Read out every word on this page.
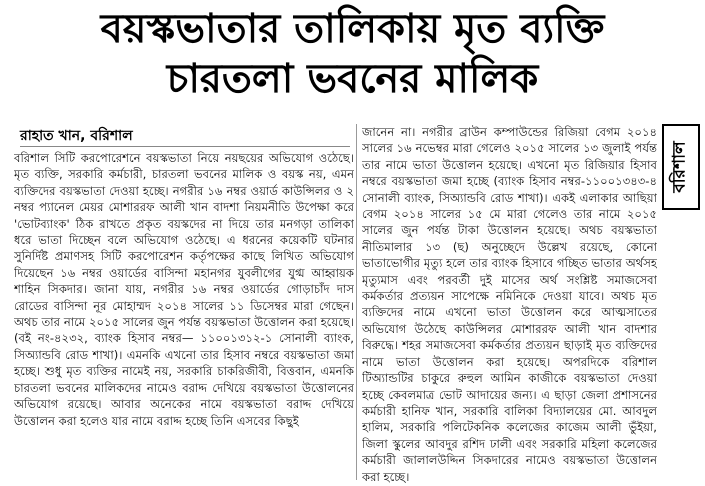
বয়স্কভাতার তালিকায় মৃত ব্যক্তি
চারতলা ভবনের মালিক
রাহাত খান, বরিশাল
বরিশাল সিটি করপোরেশনে বয়স্কভাতা নিয়ে নয়ছয়ের অভিযোগ ওঠেছে। মৃত ব্যক্তি, সরকারি কর্মচারী, চারতলা ভবনের মালিক ও বয়স্ক নয়, এমন ব্যক্তিদের বয়স্কভাতা দেওয়া হচ্ছে। নগরীর ১৬ নম্বর ওয়ার্ড কাউন্সিলর ও ২ নম্বর প্যানেল মেয়র মোশাররফ আলী খান বাদশা নিয়মনীতি উপেক্ষা করে 'ভোটব্যাংক' ঠিক রাখতে প্রকৃত বয়স্কদের না দিয়ে তার মনগড়া তালিকা ধরে ভাতা দিচ্ছেন বলে অভিযোগ ওঠেছে। এ ধরনের কয়েকটি ঘটনার সুনির্দিষ্ট প্রমাণসহ সিটি করপোরেশন কর্তৃপক্ষের কাছে লিখিত অভিযোগ দিয়েছেন ১৬ নম্বর ওয়ার্ডের বাসিন্দা মহানগর যুবলীগের যুগ্ম আহ্বায়ক শাহিন সিকদার। জানা যায়, নগরীর ১৬ নম্বর ওয়ার্ডের গোড়াচাঁদ দাস রোডের বাসিন্দা নূর মোহাম্মদ ২০১৪ সালের ১১ ডিসেম্বর মারা গেছেন। অথচ তার নামে ২০১৫ সালের জুন পর্যন্ত বয়স্কভাতা উত্তোলন করা হয়েছে। (বই নং-৪২৩২, ব্যাংক হিসাব নম্বর— ১১০০১৩১২-১ সোনালী ব্যাংক, সিঅ্যান্ডবি রোড শাখা)। এমনকি এখনো তার হিসাব নম্বরে বয়স্কভাতা জমা হচ্ছে। শুধু মৃত ব্যক্তির নামেই নয়, সরকারি চাকরিজীবী, বিত্তবান, এমনকি চারতলা ভবনের মালিকদের নামেও বরাদ্দ দেখিয়ে বয়স্কভাতা উত্তোলনের অভিযোগ রয়েছে। আবার অনেকের নামে বয়স্কভাতা বরাদ্দ দেখিয়ে উত্তোলন করা হলেও যার নামে বরাদ্দ হচ্ছে তিনি এসবের কিছুই
জানেন না। নগরীর ব্রাউন কম্পাউন্ডের রিজিয়া বেগম ২০১৪ সালের ১৬ নভেম্বর মারা গেলেও ২০১৫ সালের ১৩ জুলাই পর্যন্ত তার নামে ভাতা উত্তোলন হয়েছে। এখনো মৃত রিজিয়ার হিসাব নম্বরে বয়স্কভাতা জমা হচ্ছে (ব্যাংক হিসাব নম্বর-১১০০১৩৪৩-৪ সোনালী ব্যাংক, সিঅ্যান্ডবি রোড শাখা)। একই এলাকার আছিয়া বেগম ২০১৪ সালের ১৫ মে মারা গেলেও তার নামে ২০১৫ সালের জুন পর্যন্ত টাকা উত্তোলন হয়েছে। অথচ বয়স্কভাতা নীতিমালার ১৩ (ছ) অনুচ্ছেদে উল্লেখ রয়েছে, কোনো ভাতাভোগীর মৃত্যু হলে তার ব্যাংক হিসাবে গচ্ছিত ভাতার অর্থসহ মৃত্যুমাস এবং পরবর্তী দুই মাসের অর্থ সংশ্লিষ্ট সমাজসেবা কর্মকর্তার প্রত্যয়ন সাপেক্ষে নমিনিকে দেওয়া যাবে। অথচ মৃত ব্যক্তিদের নামে এখনো ভাতা উত্তোলন করে আত্মসাতের অভিযোগ উঠেছে কাউন্সিলর মোশাররফ আলী খান বাদশার বিরুদ্ধে। শহর সমাজসেবা কর্মকর্তার প্রত্যয়ন ছাড়াই মৃত ব্যক্তিদের নামে ভাতা উত্তোলন করা হয়েছে। অপরদিকে বরিশাল টিঅ্যান্ডটির চাকুরে রুহুল আমিন কাজীকে বয়স্কভাতা দেওয়া হচ্ছে কেবলমাত্র ভোট আদায়ের জন্য। এ ছাড়া জেলা প্রশাসনের কর্মচারী হানিফ খান, সরকারি বালিকা বিদ্যালয়ের মো. আবদুল হালিম, সরকারি পলিটেকনিক কলেজের কাজেম আলী ভুঁইয়া, জিলা স্কুলের আবদুর রশিদ ঢালী এবং সরকারি মহিলা কলেজের কর্মচারী জালালউদ্দিন সিকদারের নামেও বয়স্কভাতা উত্তোলন করা হচ্ছে।
বরিশাল
